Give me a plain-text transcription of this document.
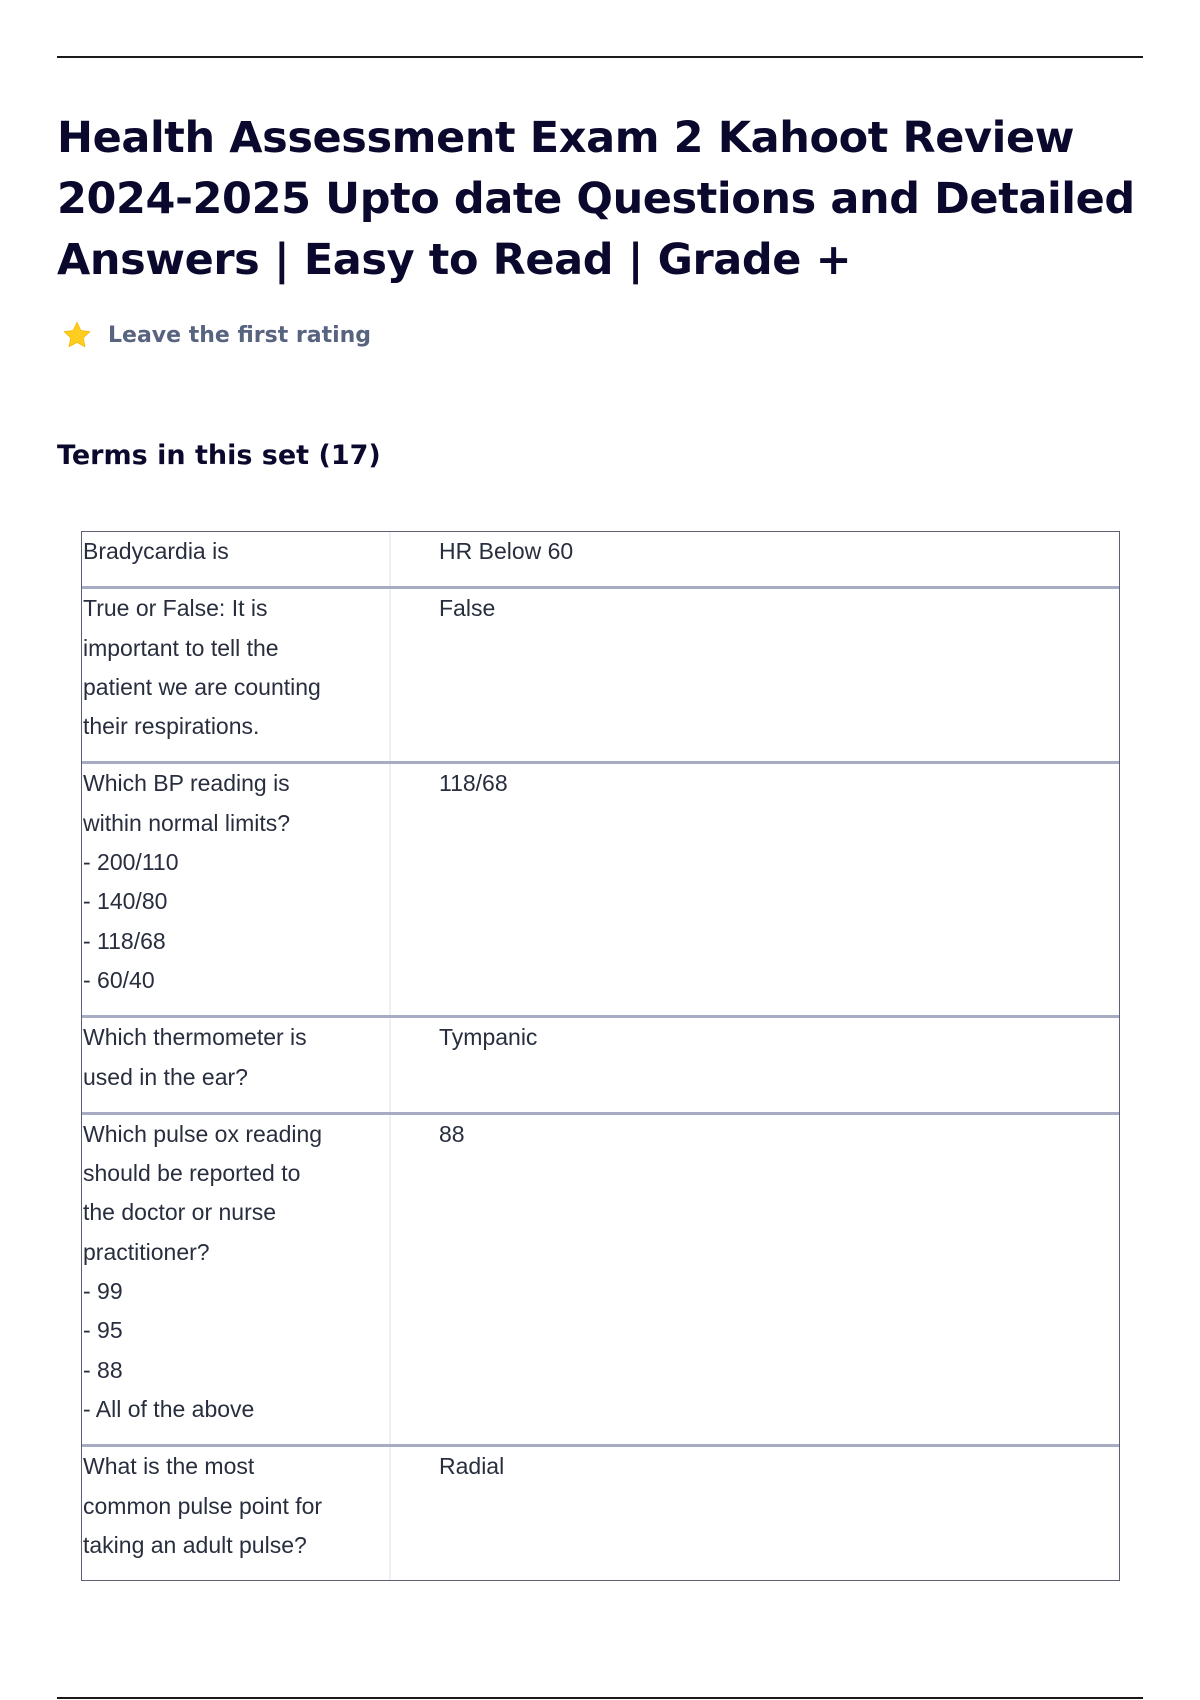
Health Assessment Exam 2 Kahoot Review 2024-2025 Upto date Questions and Detailed Answers | Easy to Read | Grade +
Leave the first rating
Terms in this set (17)
Bradycardia is	HR Below 60
True or False: It is
important to tell the
patient we are counting
their respirations.
False
Which BP reading is
within normal limits?
- 200/110
- 140/80
- 118/68
- 60/40
118/68
Which thermometer is
used in the ear?
Tympanic
Which pulse ox reading
should be reported to
the doctor or nurse
practitioner?
- 99
- 95
- 88
- All of the above
88
What is the most
common pulse point for
taking an adult pulse?
Radial
